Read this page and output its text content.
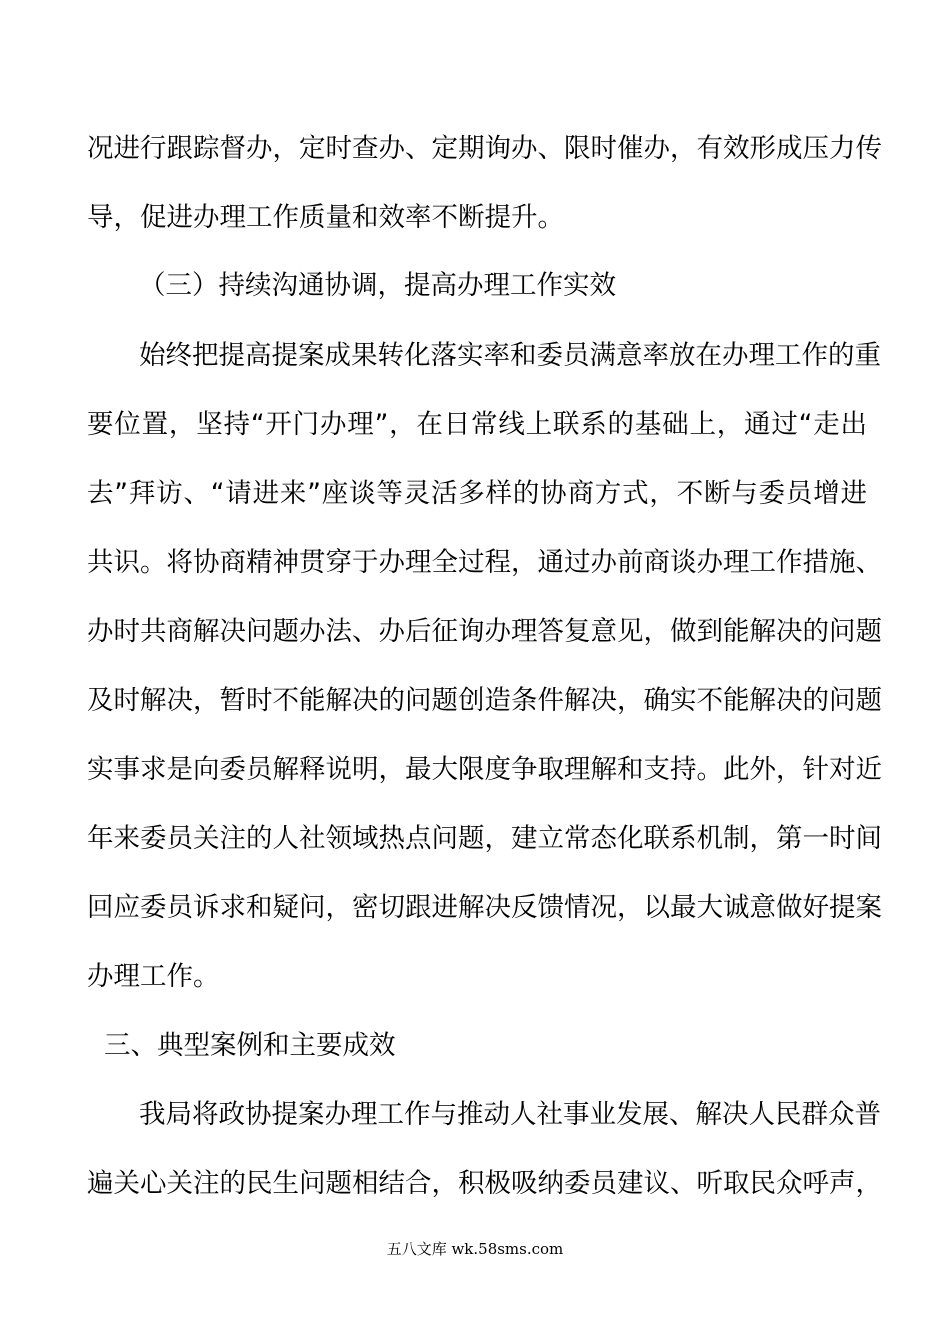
况进行跟踪督办，定时查办、定期询办、限时催办，有效形成压力传
导，促进办理工作质量和效率不断提升。
（三）持续沟通协调，提高办理工作实效
始终把提高提案成果转化落实率和委员满意率放在办理工作的重
要位置，坚持“开门办理”，在日常线上联系的基础上，通过“走出
去”拜访、“请进来”座谈等灵活多样的协商方式，不断与委员增进
共识。将协商精神贯穿于办理全过程，通过办前商谈办理工作措施、
办时共商解决问题办法、办后征询办理答复意见，做到能解决的问题
及时解决，暂时不能解决的问题创造条件解决，确实不能解决的问题
实事求是向委员解释说明，最大限度争取理解和支持。此外，针对近
年来委员关注的人社领域热点问题，建立常态化联系机制，第一时间
回应委员诉求和疑问，密切跟进解决反馈情况，以最大诚意做好提案
办理工作。
三、典型案例和主要成效
我局将政协提案办理工作与推动人社事业发展、解决人民群众普
遍关心关注的民生问题相结合，积极吸纳委员建议、听取民众呼声，
五八文库 wk.58sms.com
